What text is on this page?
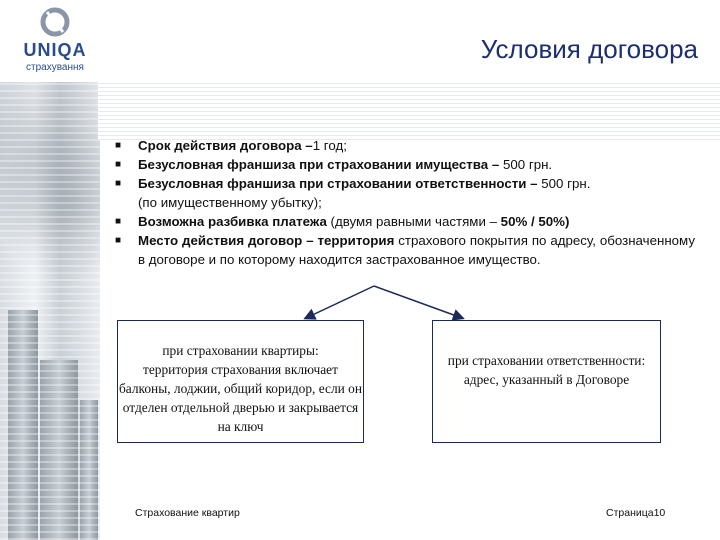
UNIQA
страхування
Условия договора
■ Срок действия договора –1 год;
■ Безусловная франшиза при страховании имущества – 500 грн.
■ Безусловная франшиза при страховании ответственности – 500 грн.
(по имущественному убытку);
■ Возможна разбивка платежа (двумя равными частями – 50% / 50%)
■ Место действия договор – территория страхового покрытия по адресу, обозначенному в договоре и по которому находится застрахованное имущество.
при страховании квартиры:
территория страхования включает балконы, лоджии, общий коридор, если он отделен отдельной дверью и закрывается на ключ
при страховании ответственности:
адрес, указанный в Договоре
Страхование квартир	Страница10
